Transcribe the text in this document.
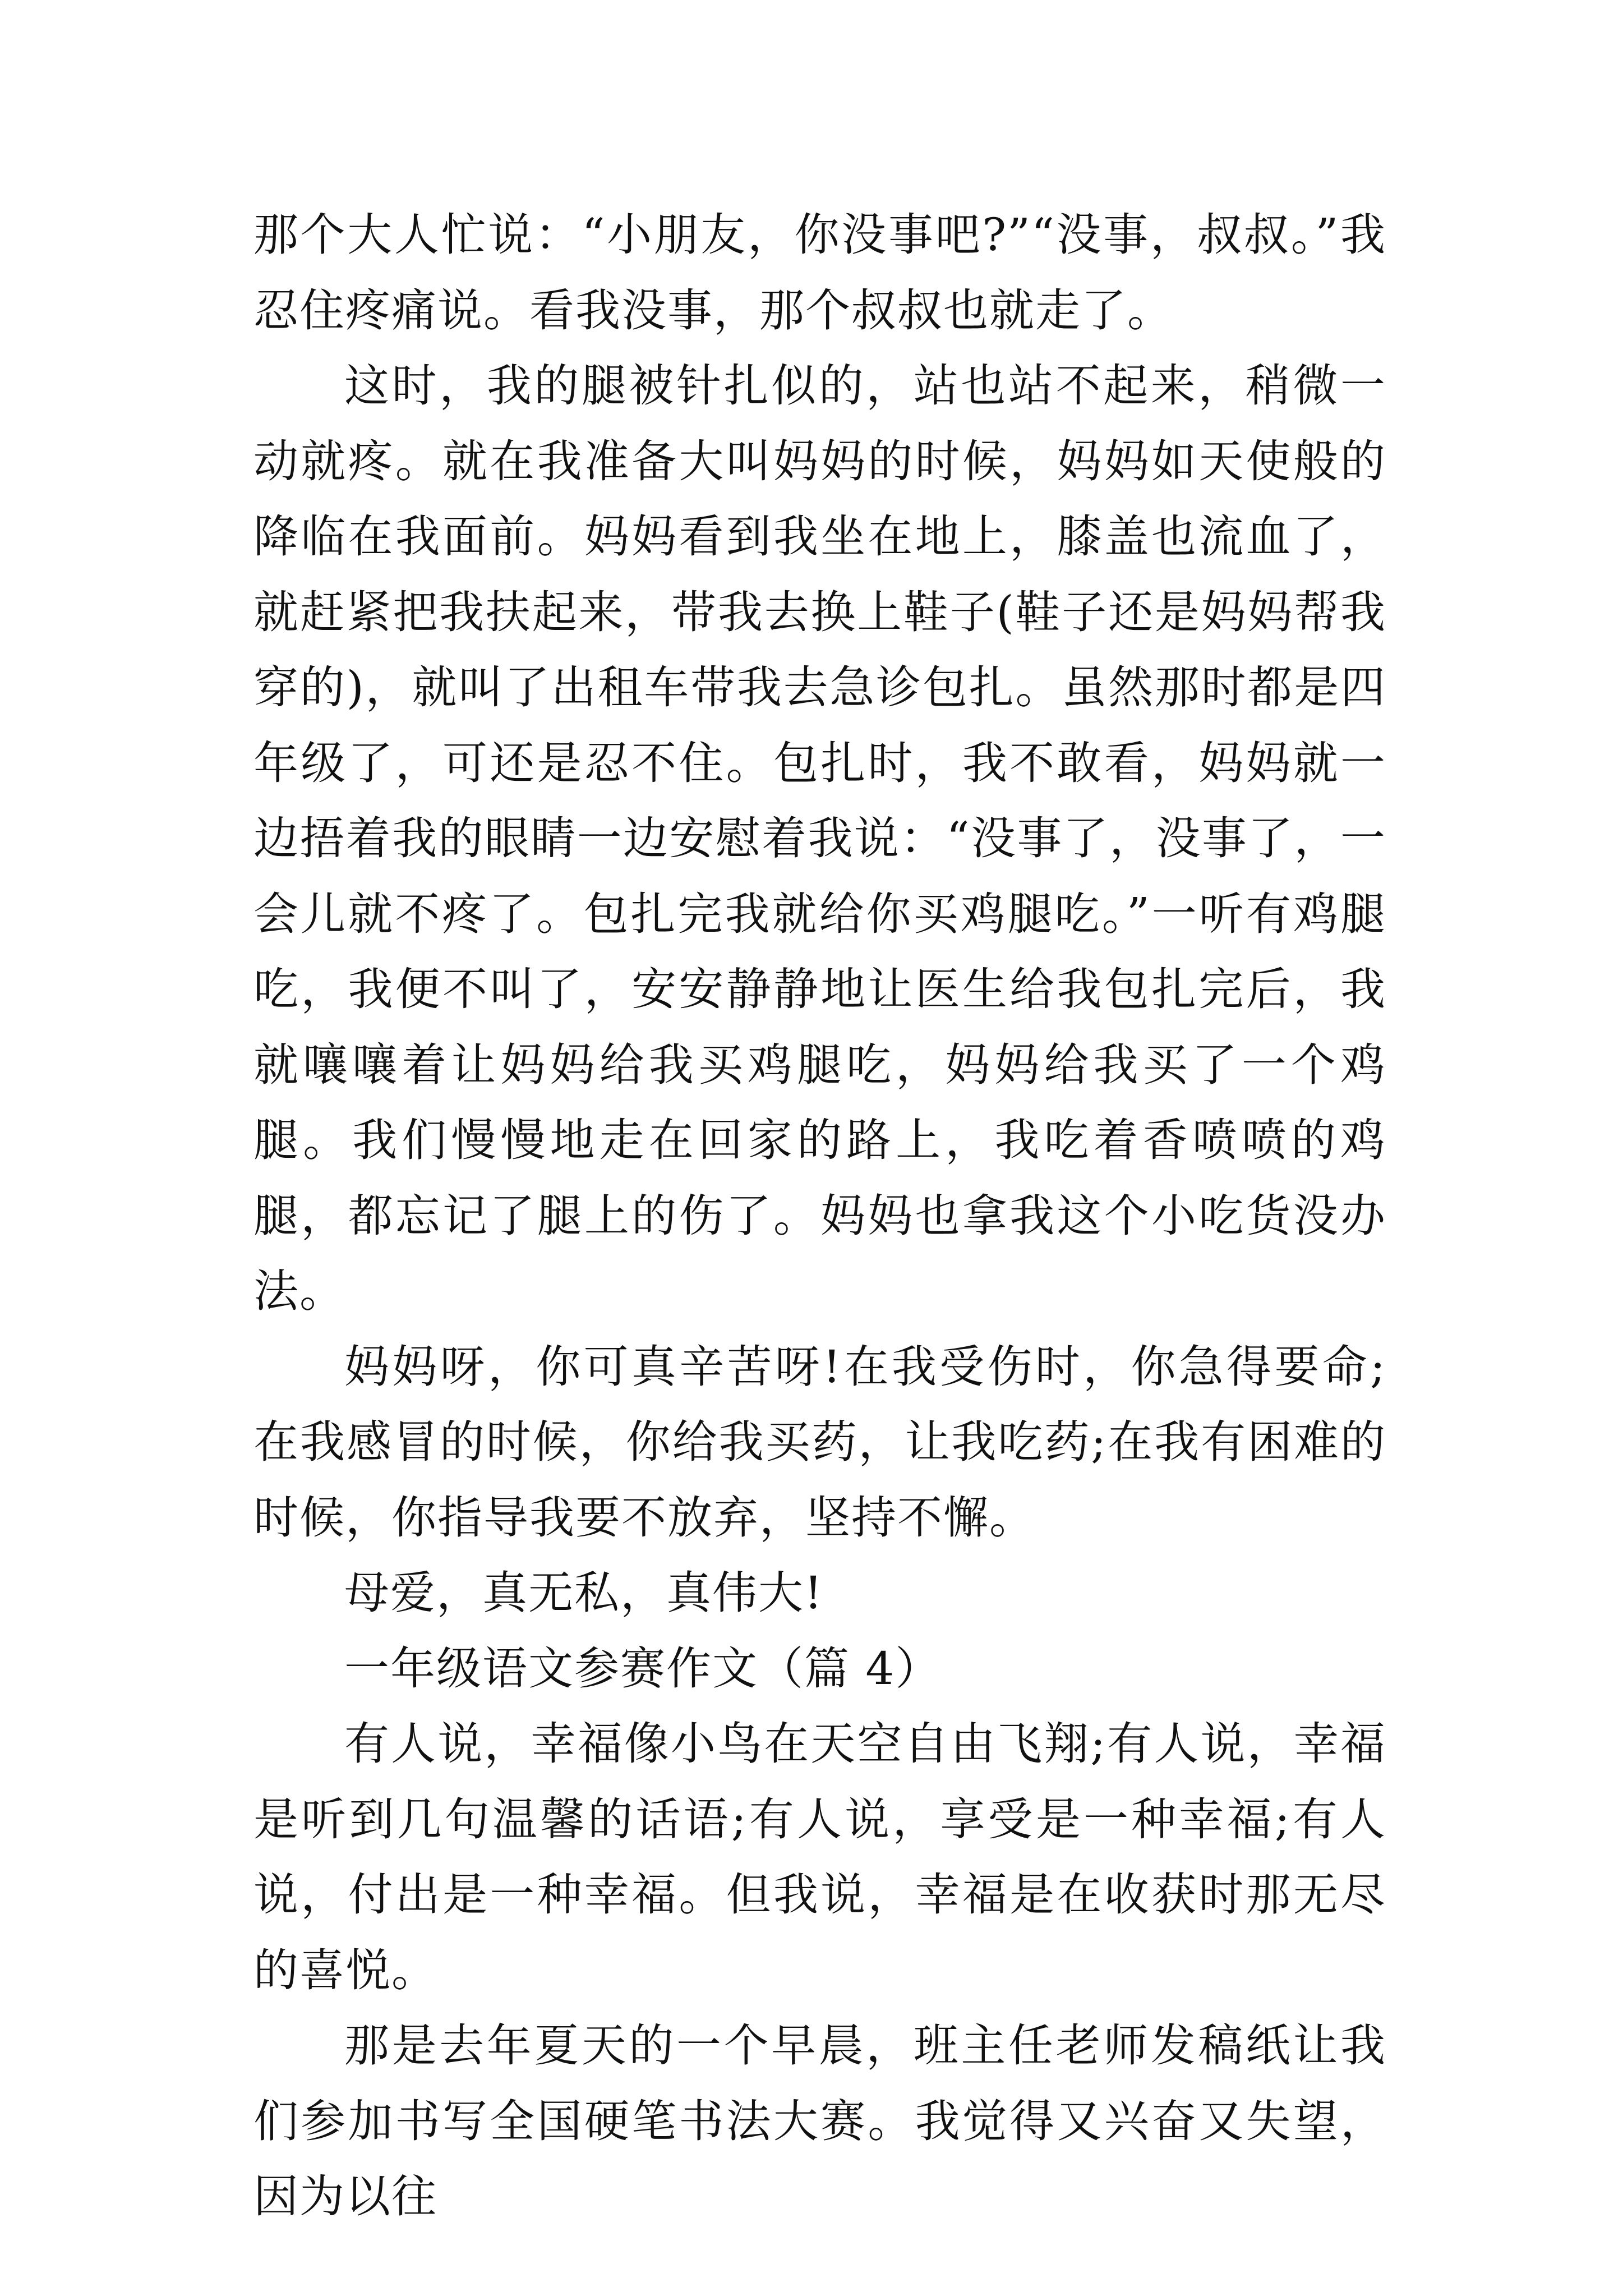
那个大人忙说：“小朋友，你没事吧?”“没事，叔叔。”我忍住疼痛说。看我没事，那个叔叔也就走了。

这时，我的腿被针扎似的，站也站不起来，稍微一动就疼。就在我准备大叫妈妈的时候，妈妈如天使般的降临在我面前。妈妈看到我坐在地上，膝盖也流血了，就赶紧把我扶起来，带我去换上鞋子(鞋子还是妈妈帮我穿的)，就叫了出租车带我去急诊包扎。虽然那时都是四年级了，可还是忍不住。包扎时，我不敢看，妈妈就一边捂着我的眼睛一边安慰着我说：“没事了，没事了，一会儿就不疼了。包扎完我就给你买鸡腿吃。”一听有鸡腿吃，我便不叫了，安安静静地让医生给我包扎完后，我就嚷嚷着让妈妈给我买鸡腿吃，妈妈给我买了一个鸡腿。我们慢慢地走在回家的路上，我吃着香喷喷的鸡腿，都忘记了腿上的伤了。妈妈也拿我这个小吃货没办法。

妈妈呀，你可真辛苦呀!在我受伤时，你急得要命;在我感冒的时候，你给我买药，让我吃药;在我有困难的时候，你指导我要不放弃，坚持不懈。

母爱，真无私，真伟大!

一年级语文参赛作文（篇 4）

有人说，幸福像小鸟在天空自由飞翔;有人说，幸福是听到几句温馨的话语;有人说，享受是一种幸福;有人说，付出是一种幸福。但我说，幸福是在收获时那无尽的喜悦。

那是去年夏天的一个早晨，班主任老师发稿纸让我们参加书写全国硬笔书法大赛。我觉得又兴奋又失望，因为以往
